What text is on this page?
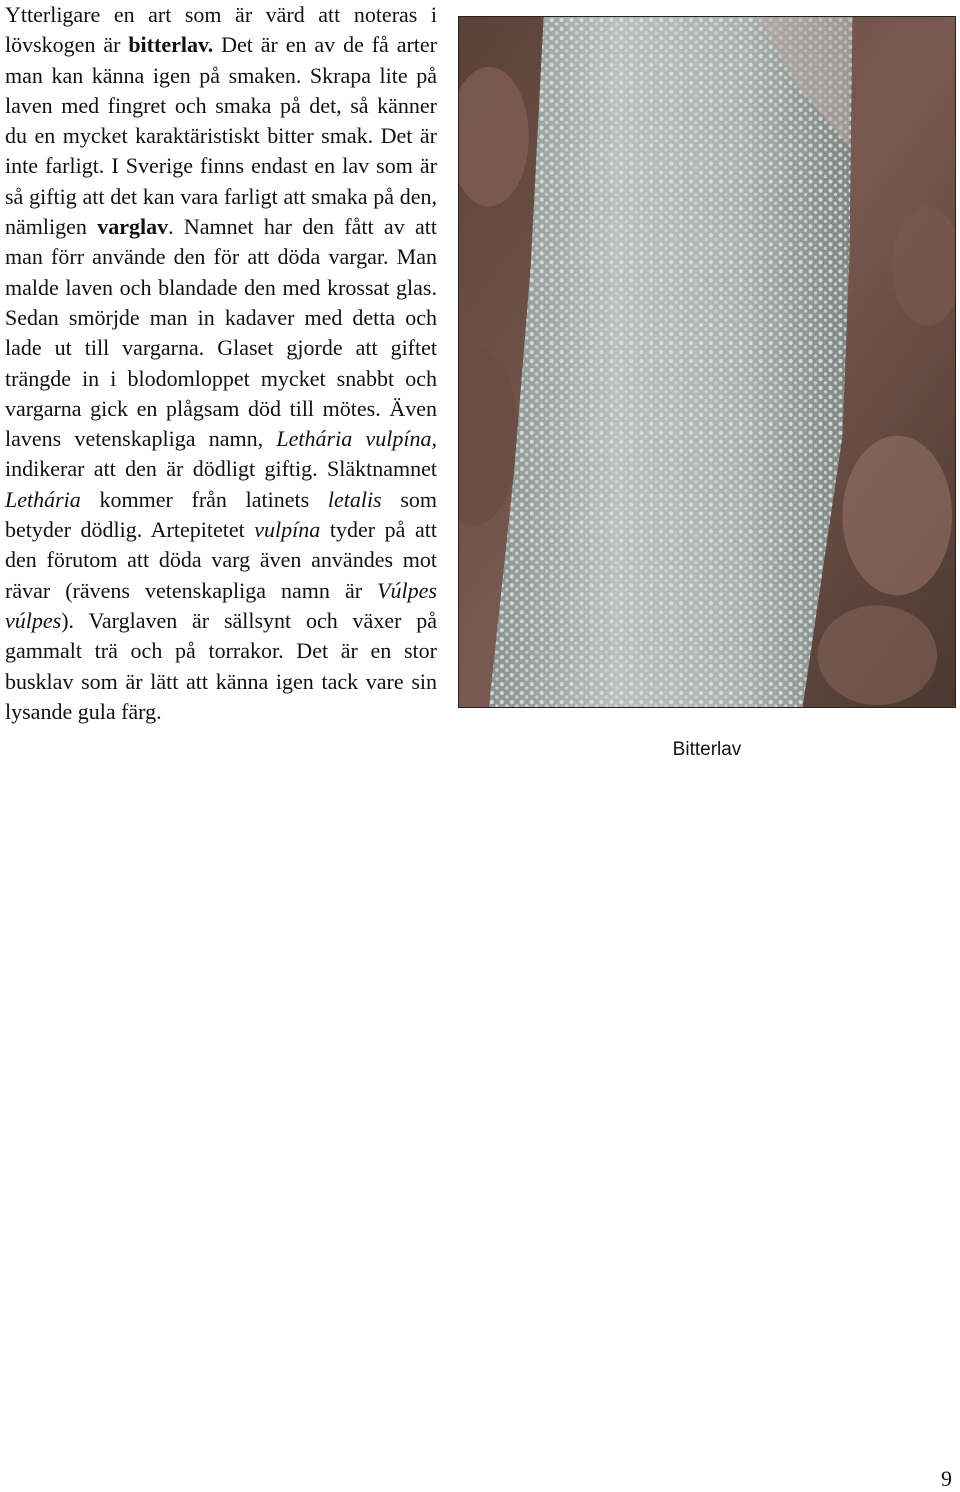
Ytterligare en art som är värd att noteras i lövskogen är bitterlav. Det är en av de få arter man kan känna igen på smaken. Skrapa lite på laven med fingret och smaka på det, så känner du en mycket karaktäristiskt bitter smak. Det är inte farligt. I Sverige finns endast en lav som är så giftig att det kan vara farligt att smaka på den, nämligen varglav. Namnet har den fått av att man förr använde den för att döda vargar. Man malde laven och blandade den med krossat glas. Sedan smörjde man in kadaver med detta och lade ut till vargarna. Glaset gjorde att giftet trängde in i blodomloppet mycket snabbt och vargarna gick en plågsam död till mötes. Även lavens vetenskapliga namn, Lethária vulpína, indikerar att den är dödligt giftig. Släktnamnet Lethária kommer från latinets letalis som betyder dödlig. Artepitetet vulpína tyder på att den förutom att döda varg även användes mot rävar (rävens vetenskapliga namn är Vúlpes vúlpes). Varglaven är sällsynt och växer på gammalt trä och på torrakor. Det är en stor busklav som är lätt att känna igen tack vare sin lysande gula färg.

Bitterlav
9
